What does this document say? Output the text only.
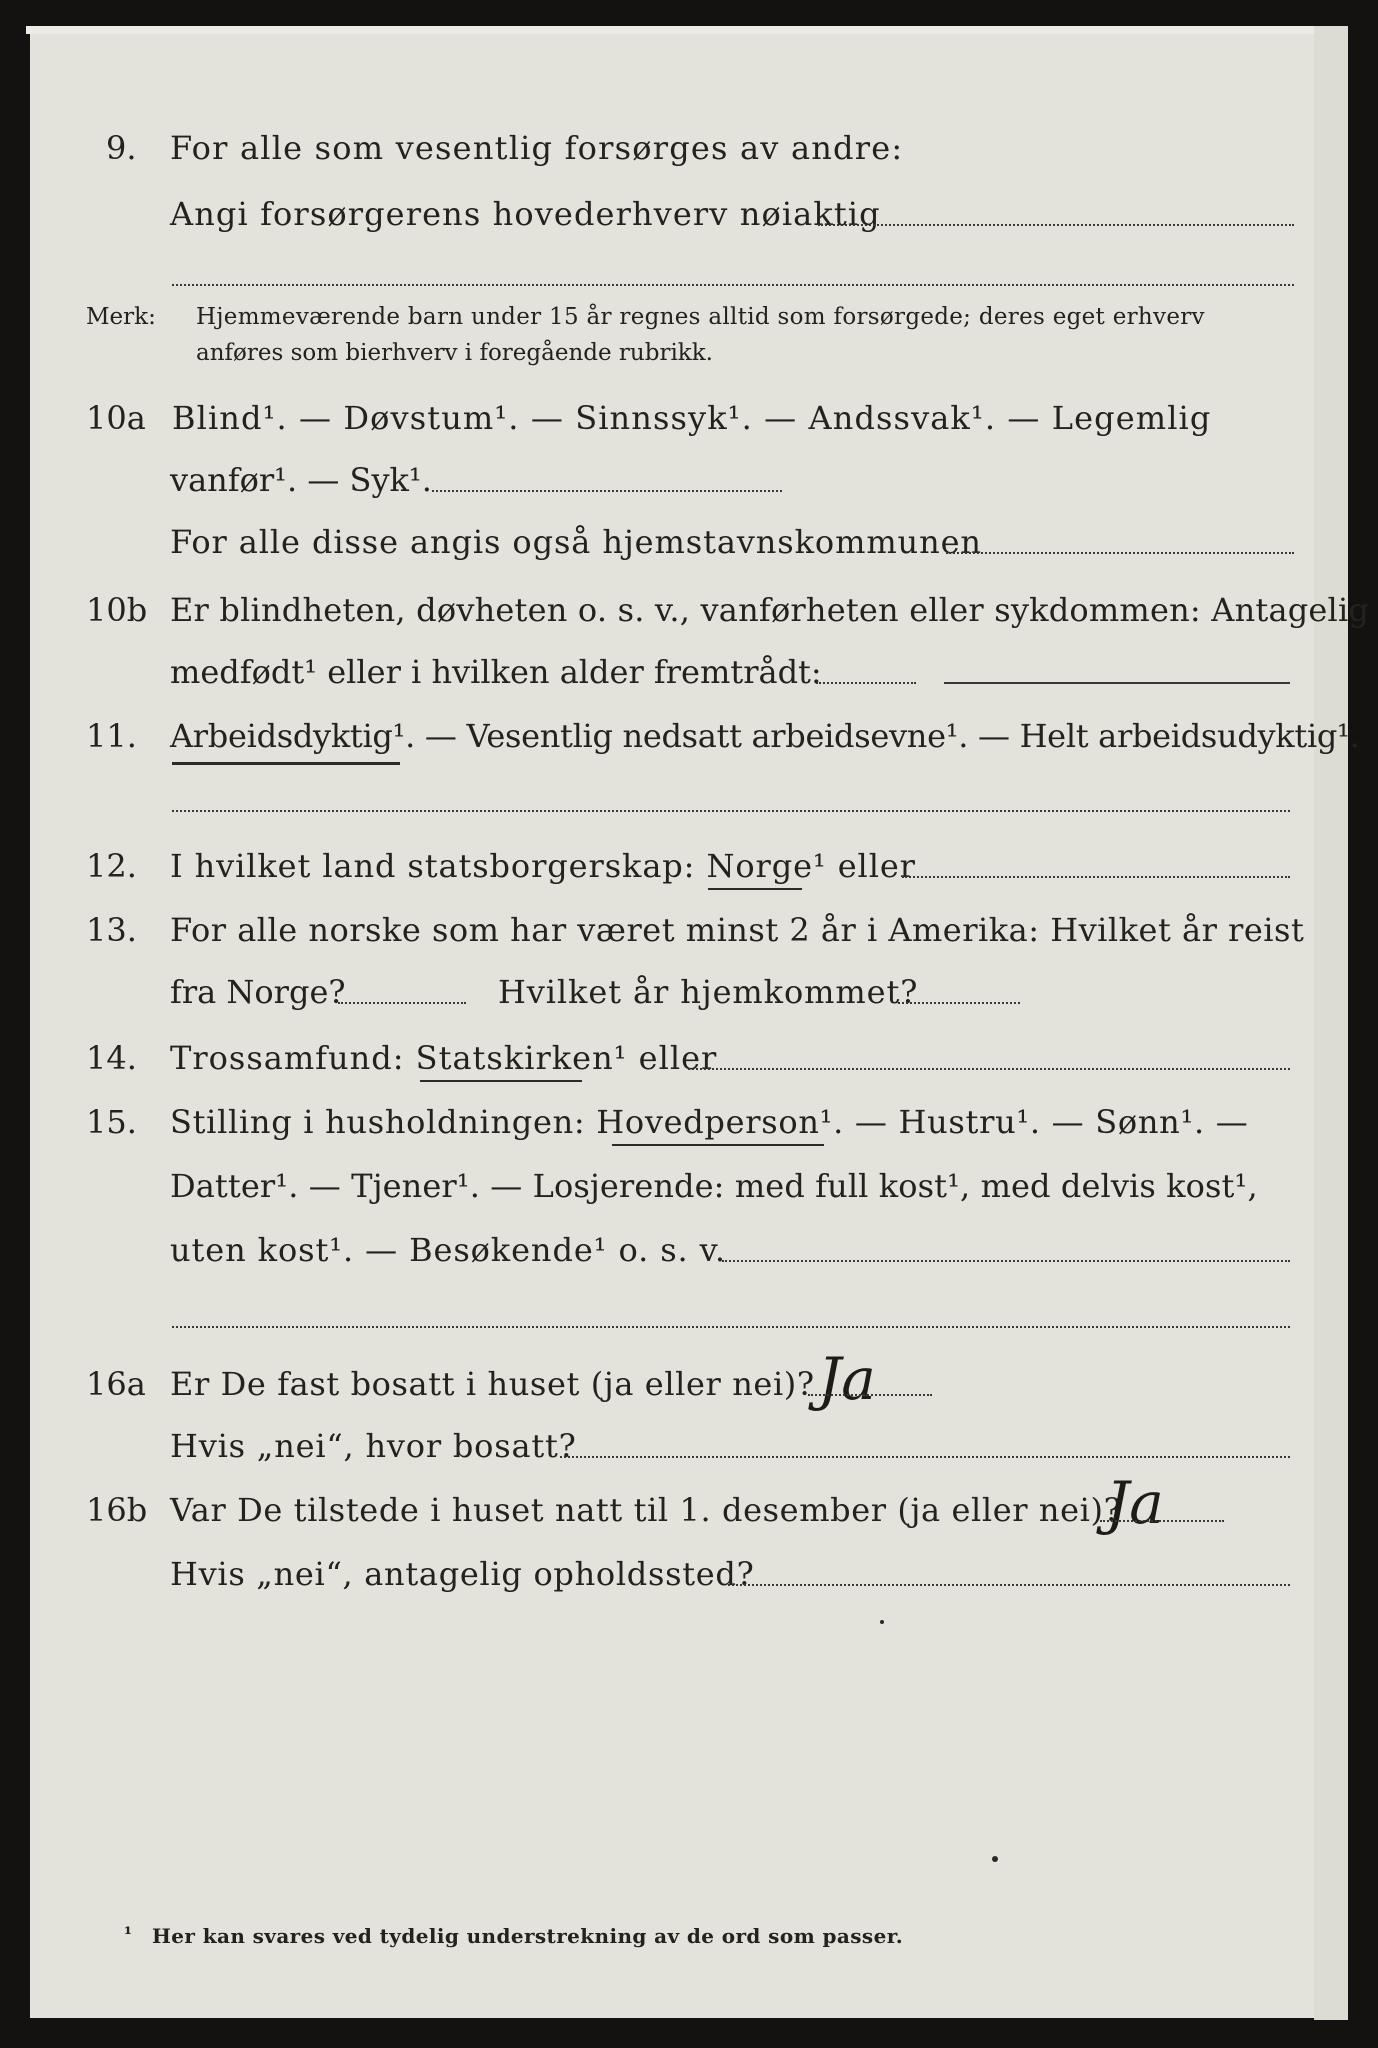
9. For alle som vesentlig forsørges av andre:
Angi forsørgerens hovederhverv nøiaktig
Merk: Hjemmeværende barn under 15 år regnes alltid som forsørgede; deres eget erhverv
anføres som bierhverv i foregående rubrikk.
10a Blind¹. — Døvstum¹. — Sinnssyk¹. — Andssvak¹. — Legemlig
vanfør¹. — Syk¹.
For alle disse angis også hjemstavnskommunen
10b Er blindheten, døvheten o. s. v., vanførheten eller sykdommen: Antagelig
medfødt¹ eller i hvilken alder fremtrådt:
11. Arbeidsdyktig¹. — Vesentlig nedsatt arbeidsevne¹. — Helt arbeidsudyktig¹.
12. I hvilket land statsborgerskap: Norge¹ eller
13. For alle norske som har været minst 2 år i Amerika: Hvilket år reist
fra Norge?	Hvilket år hjemkommet?
14. Trossamfund: Statskirken¹ eller
15. Stilling i husholdningen: Hovedperson¹. — Hustru¹. — Sønn¹. —
Datter¹. — Tjener¹. — Losjerende: med full kost¹, med delvis kost¹,
uten kost¹. — Besøkende¹ o. s. v.
16a Er De fast bosatt i huset (ja eller nei)? Ja
Hvis „nei“, hvor bosatt?
16b Var De tilstede i huset natt til 1. desember (ja eller nei)?
Ja
Hvis „nei“, antagelig opholdssted?
¹ Her kan svares ved tydelig understrekning av de ord som passer.
